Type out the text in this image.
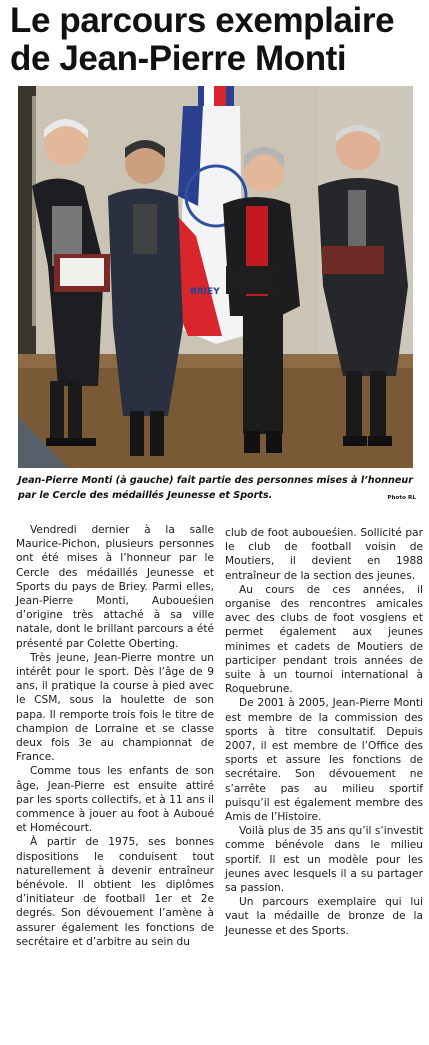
Le parcours exemplaire
de Jean-Pierre Monti
BRIEY
Jean-Pierre Monti (à gauche) fait partie des personnes mises à l’honneur par le Cercle des médaillés Jeunesse et Sports.	Photo RL

Vendredi dernier à la salle Maurice-Pichon, plusieurs personnes ont été mises à l’honneur par le Cercle des médaillés Jeunesse et Sports du pays de Briey. Parmi elles, Jean-Pierre Monti, Auboueśien d’origine très attaché à sa ville natale, dont le brillant parcours a été présenté par Colette Oberting.

Très jeune, Jean-Pierre montre un intérêt pour le sport. Dès l’âge de 9 ans, il pratique la course à pied avec le CSM, sous la houlette de son papa. Il remporte trois fois le titre de champion de Lorraine et se classe deux fois 3e au championnat de France.

Comme tous les enfants de son âge, Jean-Pierre est ensuite attiré par les sports collectifs, et à 11 ans il commence à jouer au foot à Auboué et Homécourt.

À partir de 1975, ses bonnes dispositions le conduisent tout naturellement à devenir entraîneur bénévole. Il obtient les diplômes d’initiateur de football 1er et 2e degrés. Son dévouement l’amène à assurer également les fonctions de secrétaire et d’arbitre au sein du

club de foot auboueśien. Sollicité par le club de football voisin de Moutiers, il devient en 1988 entraîneur de la section des jeunes.

Au cours de ces années, il organise des rencontres amicales avec des clubs de foot vosgiens et permet également aux jeunes minimes et cadets de Moutiers de participer pendant trois années de suite à un tournoi international à Roquebrune.

De 2001 à 2005, Jean-Pierre Monti est membre de la commission des sports à titre consultatif. Depuis 2007, il est membre de l’Office des sports et assure les fonctions de secrétaire. Son dévouement ne s’arrête pas au milieu sportif puisqu’il est également membre des Amis de l’Histoire.

Voilà plus de 35 ans qu’il s’investit comme bénévole dans le milieu sportif. Il est un modèle pour les jeunes avec lesquels il a su partager sa passion.

Un parcours exemplaire qui lui vaut la médaille de bronze de la Jeunesse et des Sports.
